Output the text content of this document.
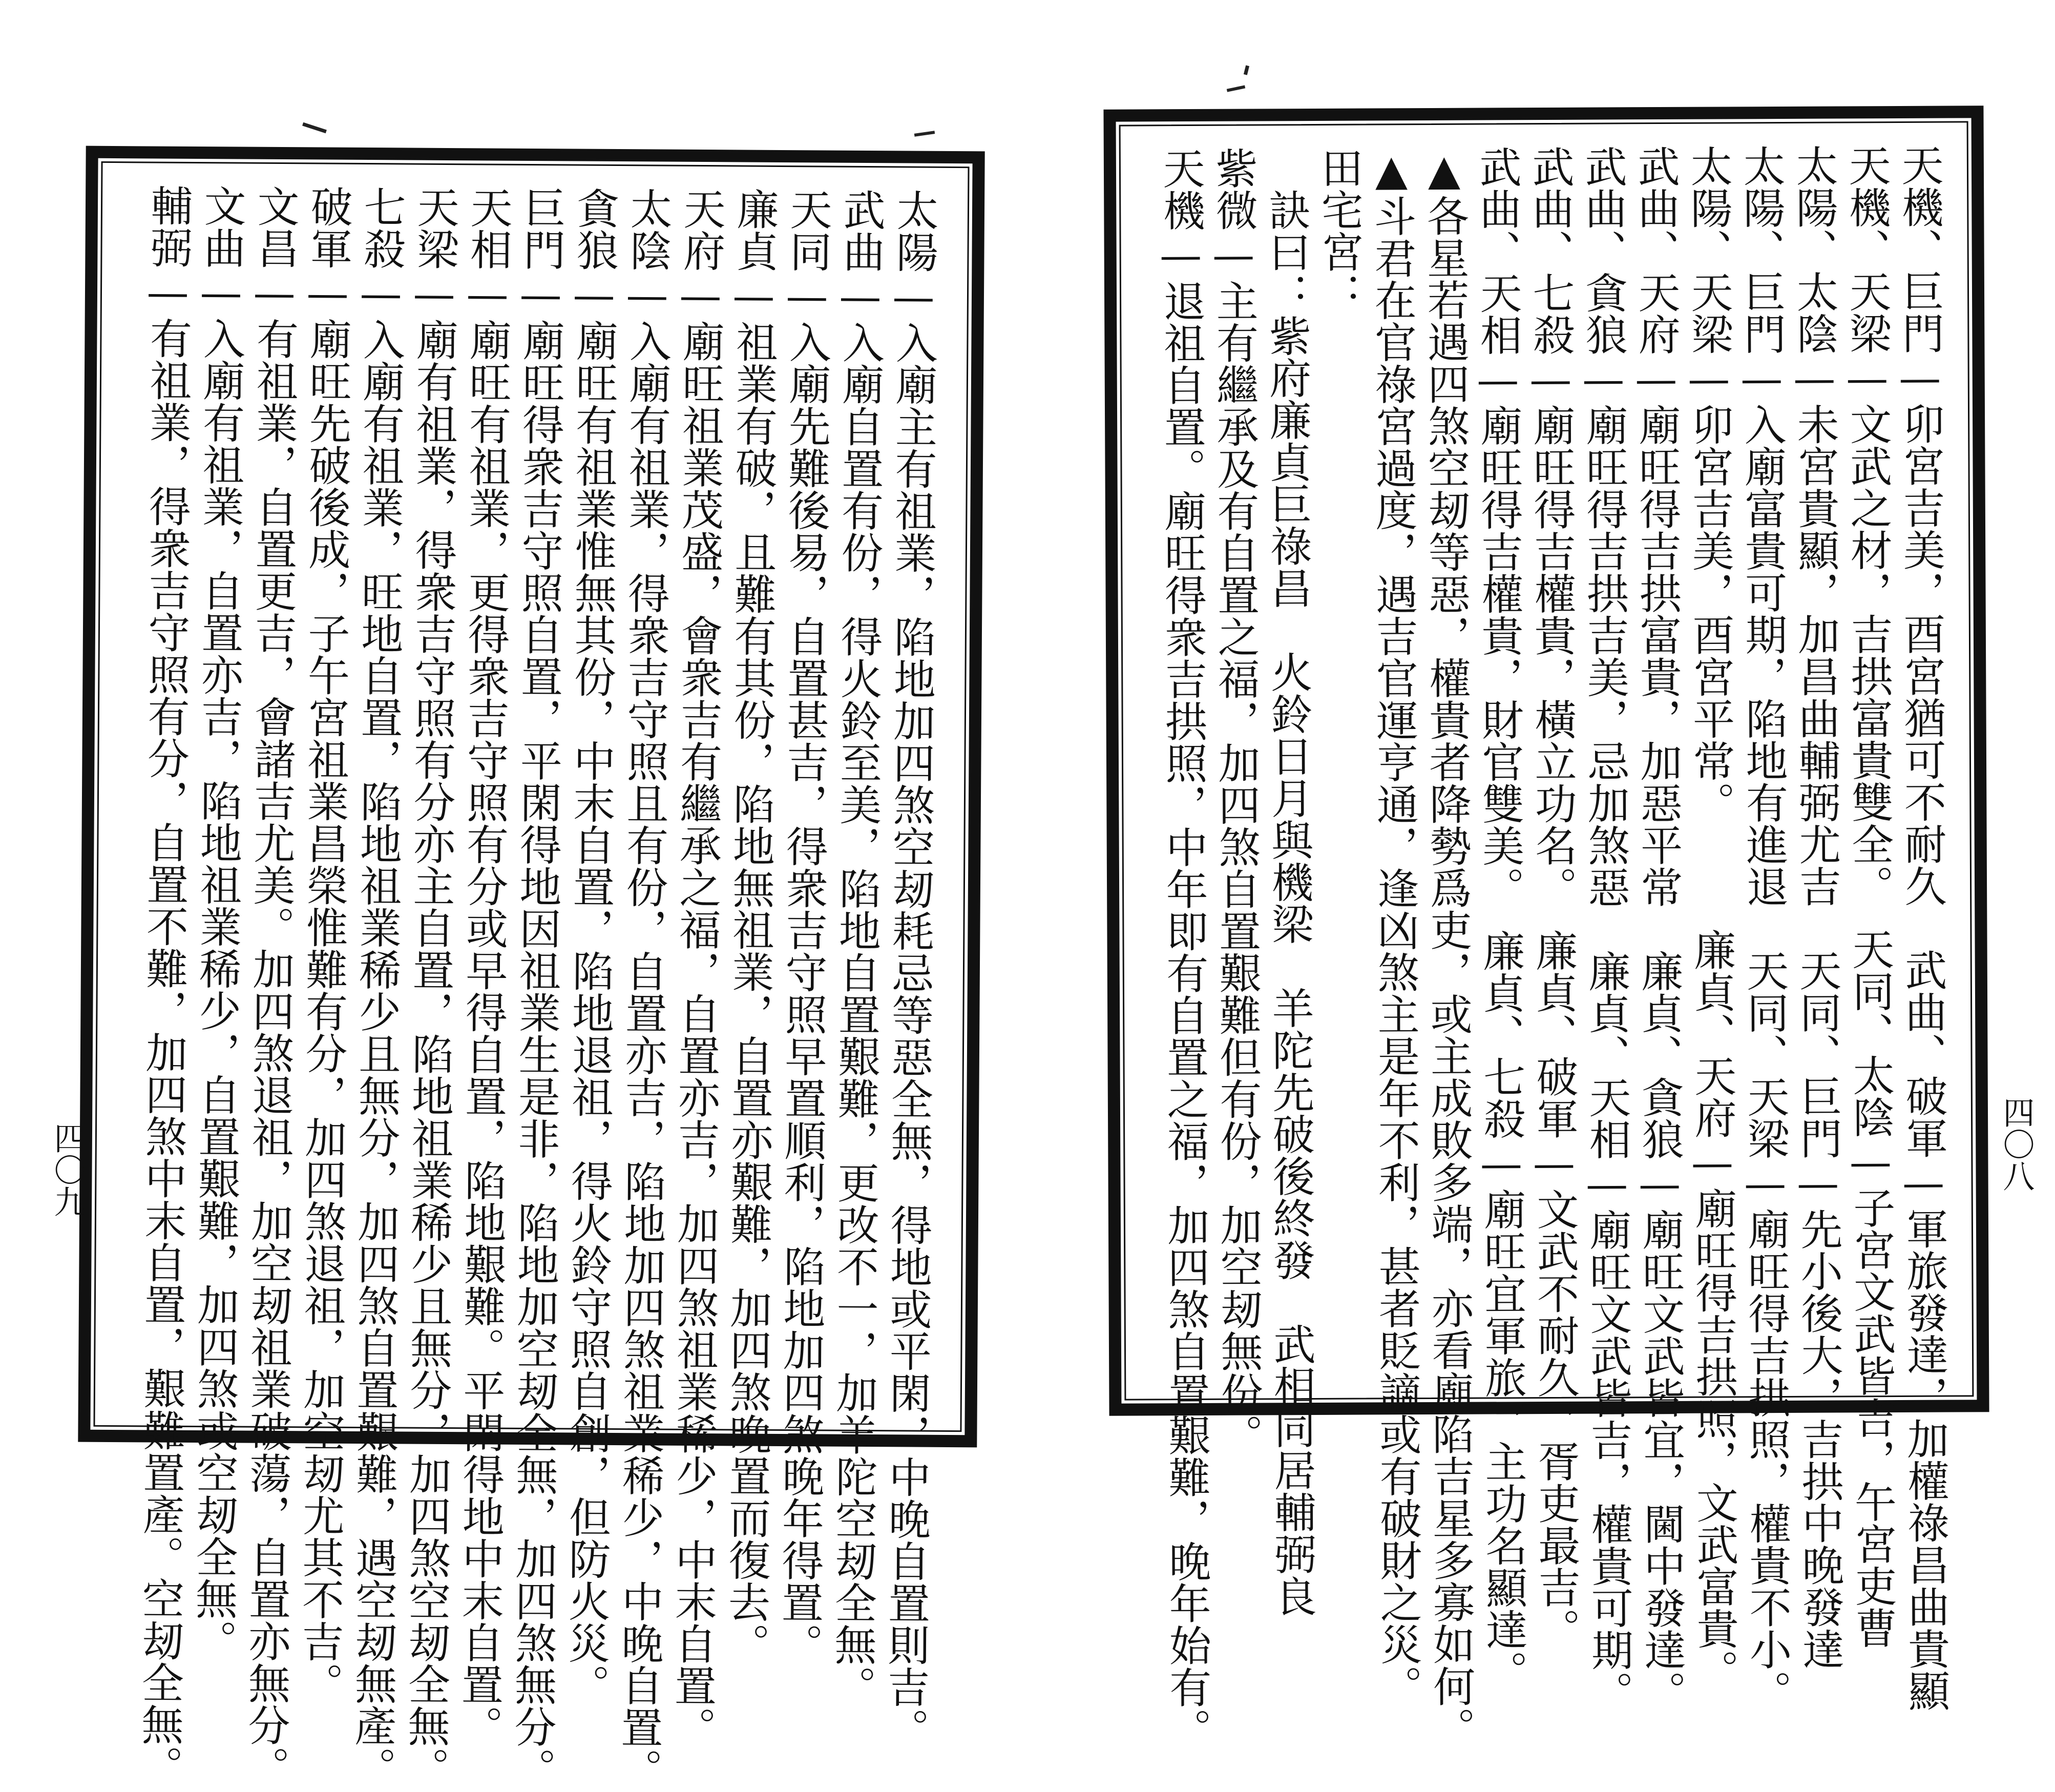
太陽—入廟主有祖業，陷地加四煞空刼耗忌等惡全無，得地或平閑，中晚自置則吉。
武曲—入廟自置有份，得火鈴至美，陷地自置艱難，更改不一，加羊陀空刼全無。
天同—入廟先難後易，自置甚吉，得衆吉守照早置順利，陷地加四煞晚年得置。
廉貞—祖業有破，且難有其份，陷地無祖業，自置亦艱難，加四煞晚置而復去。
天府—廟旺祖業茂盛，會衆吉有繼承之福，自置亦吉，加四煞祖業稀少，中末自置。
太陰—入廟有祖業，得衆吉守照且有份，自置亦吉，陷地加四煞祖業稀少，中晚自置。
貪狼—廟旺有祖業惟無其份，中末自置，陷地退祖，得火鈴守照自創，但防火災。
巨門—廟旺得衆吉守照自置，平閑得地因祖業生是非，陷地加空刼全無，加四煞無分。
天相—廟旺有祖業，更得衆吉守照有分或早得自置，陷地艱難。平閑得地中末自置。
天梁—廟有祖業，得衆吉守照有分亦主自置，陷地祖業稀少且無分，加四煞空刼全無。
七殺—入廟有祖業，旺地自置，陷地祖業稀少且無分，加四煞自置艱難，遇空刼無產。
破軍—廟旺先破後成，子午宮祖業昌榮惟難有分，加四煞退祖，加空刼尤其不吉。
文昌—有祖業，自置更吉，會諸吉尤美。加四煞退祖，加空刼祖業破蕩，自置亦無分。
文曲—入廟有祖業，自置亦吉，陷地祖業稀少，自置艱難，加四煞或空刼全無。
輔弼—有祖業，得衆吉守照有分，自置不難，加四煞中末自置，艱難置產。空刼全無。	天機、巨門—卯宮吉美，酉宮猶可不耐久　武曲、破軍—軍旅發達，加權祿昌曲貴顯
天機、天梁—文武之材，吉拱富貴雙全。　天同、太陰—子宮文武皆吉，午宮吏曹
太陽、太陰—未宮貴顯，加昌曲輔弼尤吉　天同、巨門—先小後大，吉拱中晚發達
太陽、巨門—入廟富貴可期，陷地有進退　天同、天梁—廟旺得吉拱照，權貴不小。
太陽、天梁—卯宮吉美，酉宮平常。　　　廉貞、天府—廟旺得吉拱照，文武富貴。
武曲、天府—廟旺得吉拱富貴，加惡平常　廉貞、貪狼—廟旺文武皆宜，閫中發達。
武曲、貪狼—廟旺得吉拱吉美，忌加煞惡　廉貞、天相—廟旺文武皆吉，權貴可期。
武曲、七殺—廟旺得吉權貴，橫立功名。　廉貞、破軍—文武不耐久，胥吏最吉。
武曲、天相—廟旺得吉權貴，財官雙美。　廉貞、七殺—廟旺宜軍旅，主功名顯達。
▲各星若遇四煞空刼等惡，權貴者降勢爲吏，或主成敗多端，亦看廟陷吉星多寡如何。
▲斗君在官祿宮過度，遇吉官運亨通，逢凶煞主是年不利，甚者貶謫或有破財之災。
田宅宮：
　訣曰：紫府廉貞巨祿昌　火鈴日月與機梁　羊陀先破後終發　武相同居輔弼良
紫微—主有繼承及有自置之福，加四煞自置艱難但有份，加空刼無份。
天機—退祖自置。廟旺得衆吉拱照，中年即有自置之福，加四煞自置艱難，晚年始有。
四〇九	四〇八
